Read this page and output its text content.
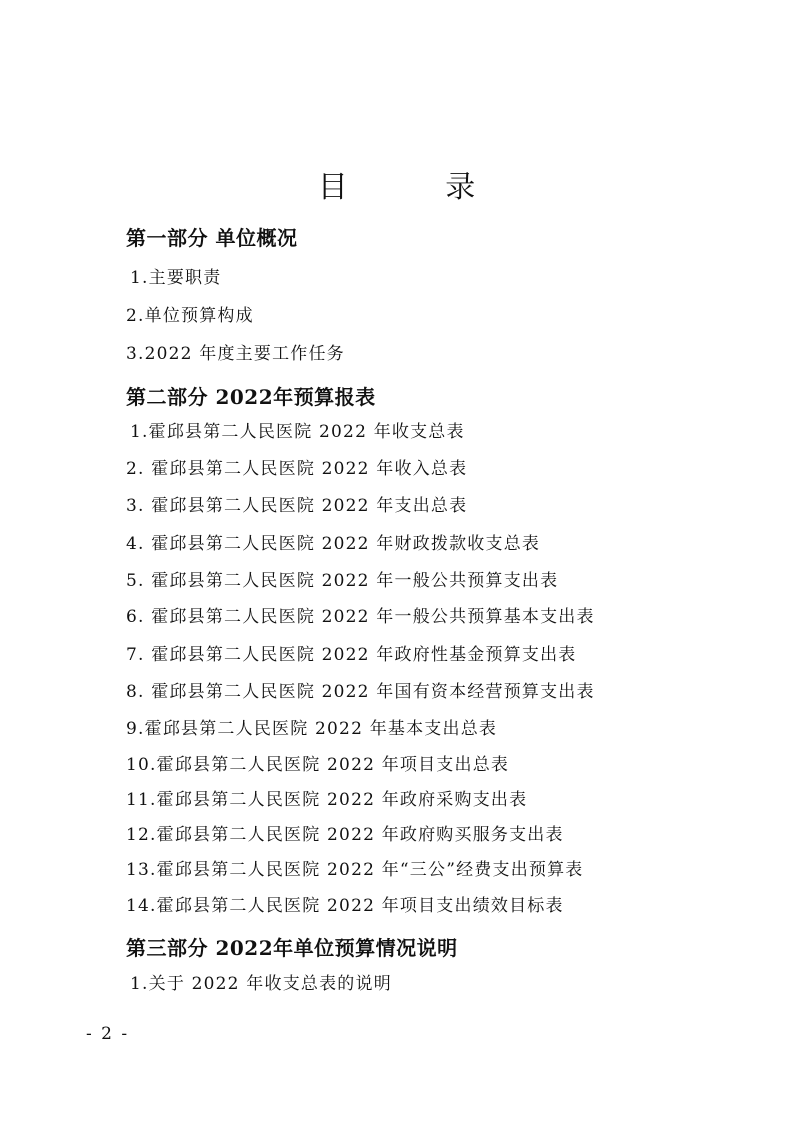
目 录
第一部分 单位概况
1.主要职责
2.单位预算构成
3.2022 年度主要工作任务
第二部分 2022年预算报表
1.霍邱县第二人民医院 2022 年收支总表
2. 霍邱县第二人民医院 2022 年收入总表
3. 霍邱县第二人民医院 2022 年支出总表
4. 霍邱县第二人民医院 2022 年财政拨款收支总表
5. 霍邱县第二人民医院 2022 年一般公共预算支出表
6. 霍邱县第二人民医院 2022 年一般公共预算基本支出表
7. 霍邱县第二人民医院 2022 年政府性基金预算支出表
8. 霍邱县第二人民医院 2022 年国有资本经营预算支出表
9.霍邱县第二人民医院 2022 年基本支出总表
10.霍邱县第二人民医院 2022 年项目支出总表
11.霍邱县第二人民医院 2022 年政府采购支出表
12.霍邱县第二人民医院 2022 年政府购买服务支出表
13.霍邱县第二人民医院 2022 年“三公”经费支出预算表
14.霍邱县第二人民医院 2022 年项目支出绩效目标表
第三部分 2022年单位预算情况说明
1.关于 2022 年收支总表的说明
- 2 -
